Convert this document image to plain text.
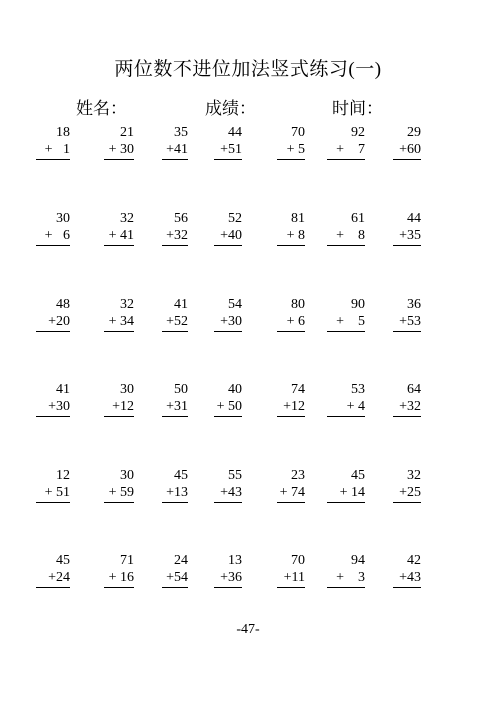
两位数不进位加法竖式练习(一)
姓名：	成绩：	时间：
18
+   1
21
+ 30
35
+41
44
+51
70
+ 5
92
+    7
29
+60
30
+   6
32
+ 41
56
+32
52
+40
81
+ 8
61
+    8
44
+35
48
+20
32
+ 34
41
+52
54
+30
80
+ 6
90
+    5
36
+53
41
+30
30
+12
50
+31
40
+ 50
74
+12
53
+ 4
64
+32
12
+ 51
30
+ 59
45
+13
55
+43
23
+ 74
45
+ 14
32
+25
45
+24
71
+ 16
24
+54
13
+36
70
+11
94
+    3
42
+43
-47-
